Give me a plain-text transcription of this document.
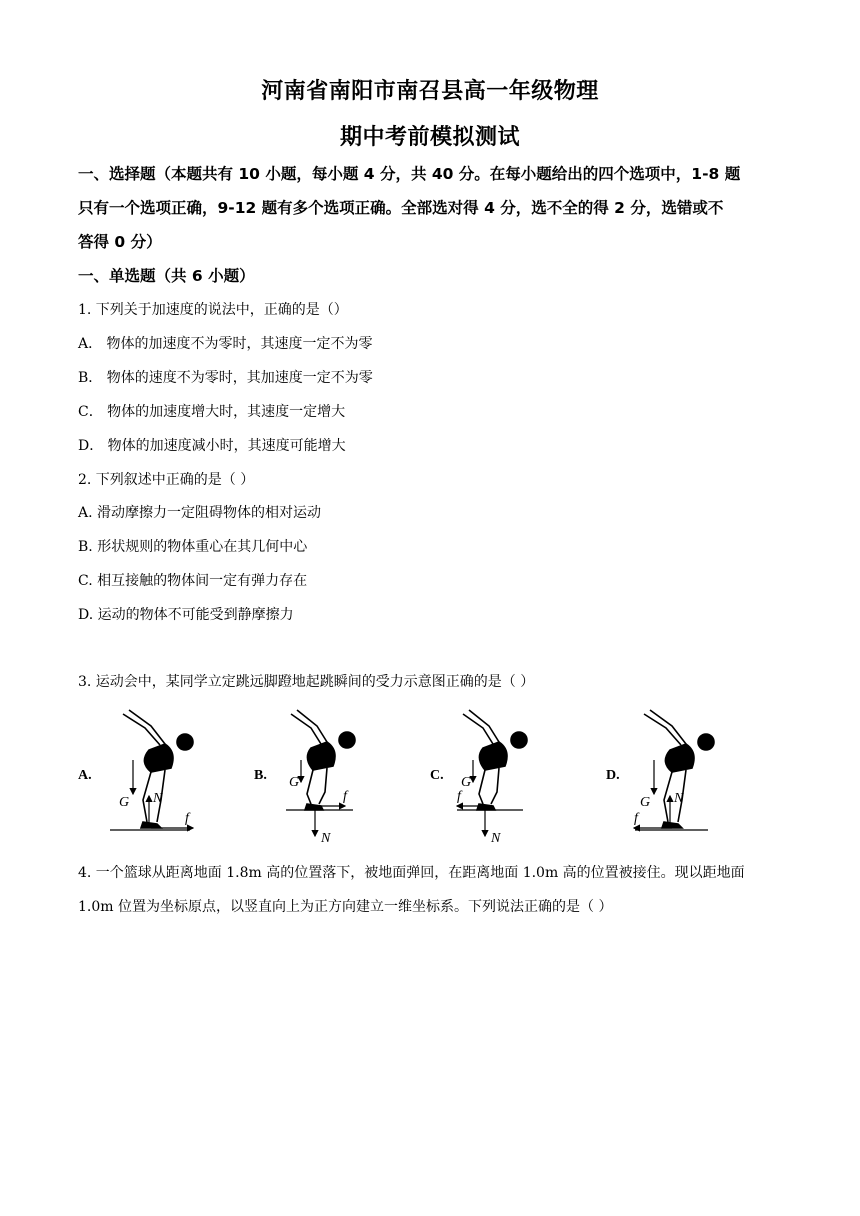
河南省南阳市南召县高一年级物理
期中考前模拟测试
一、选择题（本题共有 10 小题，每小题 4 分，共 40 分。在每小题给出的四个选项中，1-8 题
只有一个选项正确，9-12 题有多个选项正确。全部选对得 4 分，选不全的得 2 分，选错或不
答得 0 分）
一、单选题（共 6 小题）
1. 下列关于加速度的说法中，正确的是（）
A． 物体的加速度不为零时，其速度一定不为零
B． 物体的速度不为零时，其加速度一定不为零
C． 物体的加速度增大时，其速度一定增大
D． 物体的加速度减小时，其速度可能增大
2. 下列叙述中正确的是（ ）
A. 滑动摩擦力一定阻碍物体的相对运动
B. 形状规则的物体重心在其几何中心
C. 相互接触的物体间一定有弹力存在
D. 运动的物体不可能受到静摩擦力
3. 运动会中，某同学立定跳远脚蹬地起跳瞬间的受力示意图正确的是（ ）
A.	B.	C.	D.
G N
f
G
N
f
G
N
f	G N
f
4. 一个篮球从距离地面 1.8m 高的位置落下，被地面弹回，在距离地面 1.0m 高的位置被接住。现以距地面
1.0m 位置为坐标原点，以竖直向上为正方向建立一维坐标系。下列说法正确的是（ ）
